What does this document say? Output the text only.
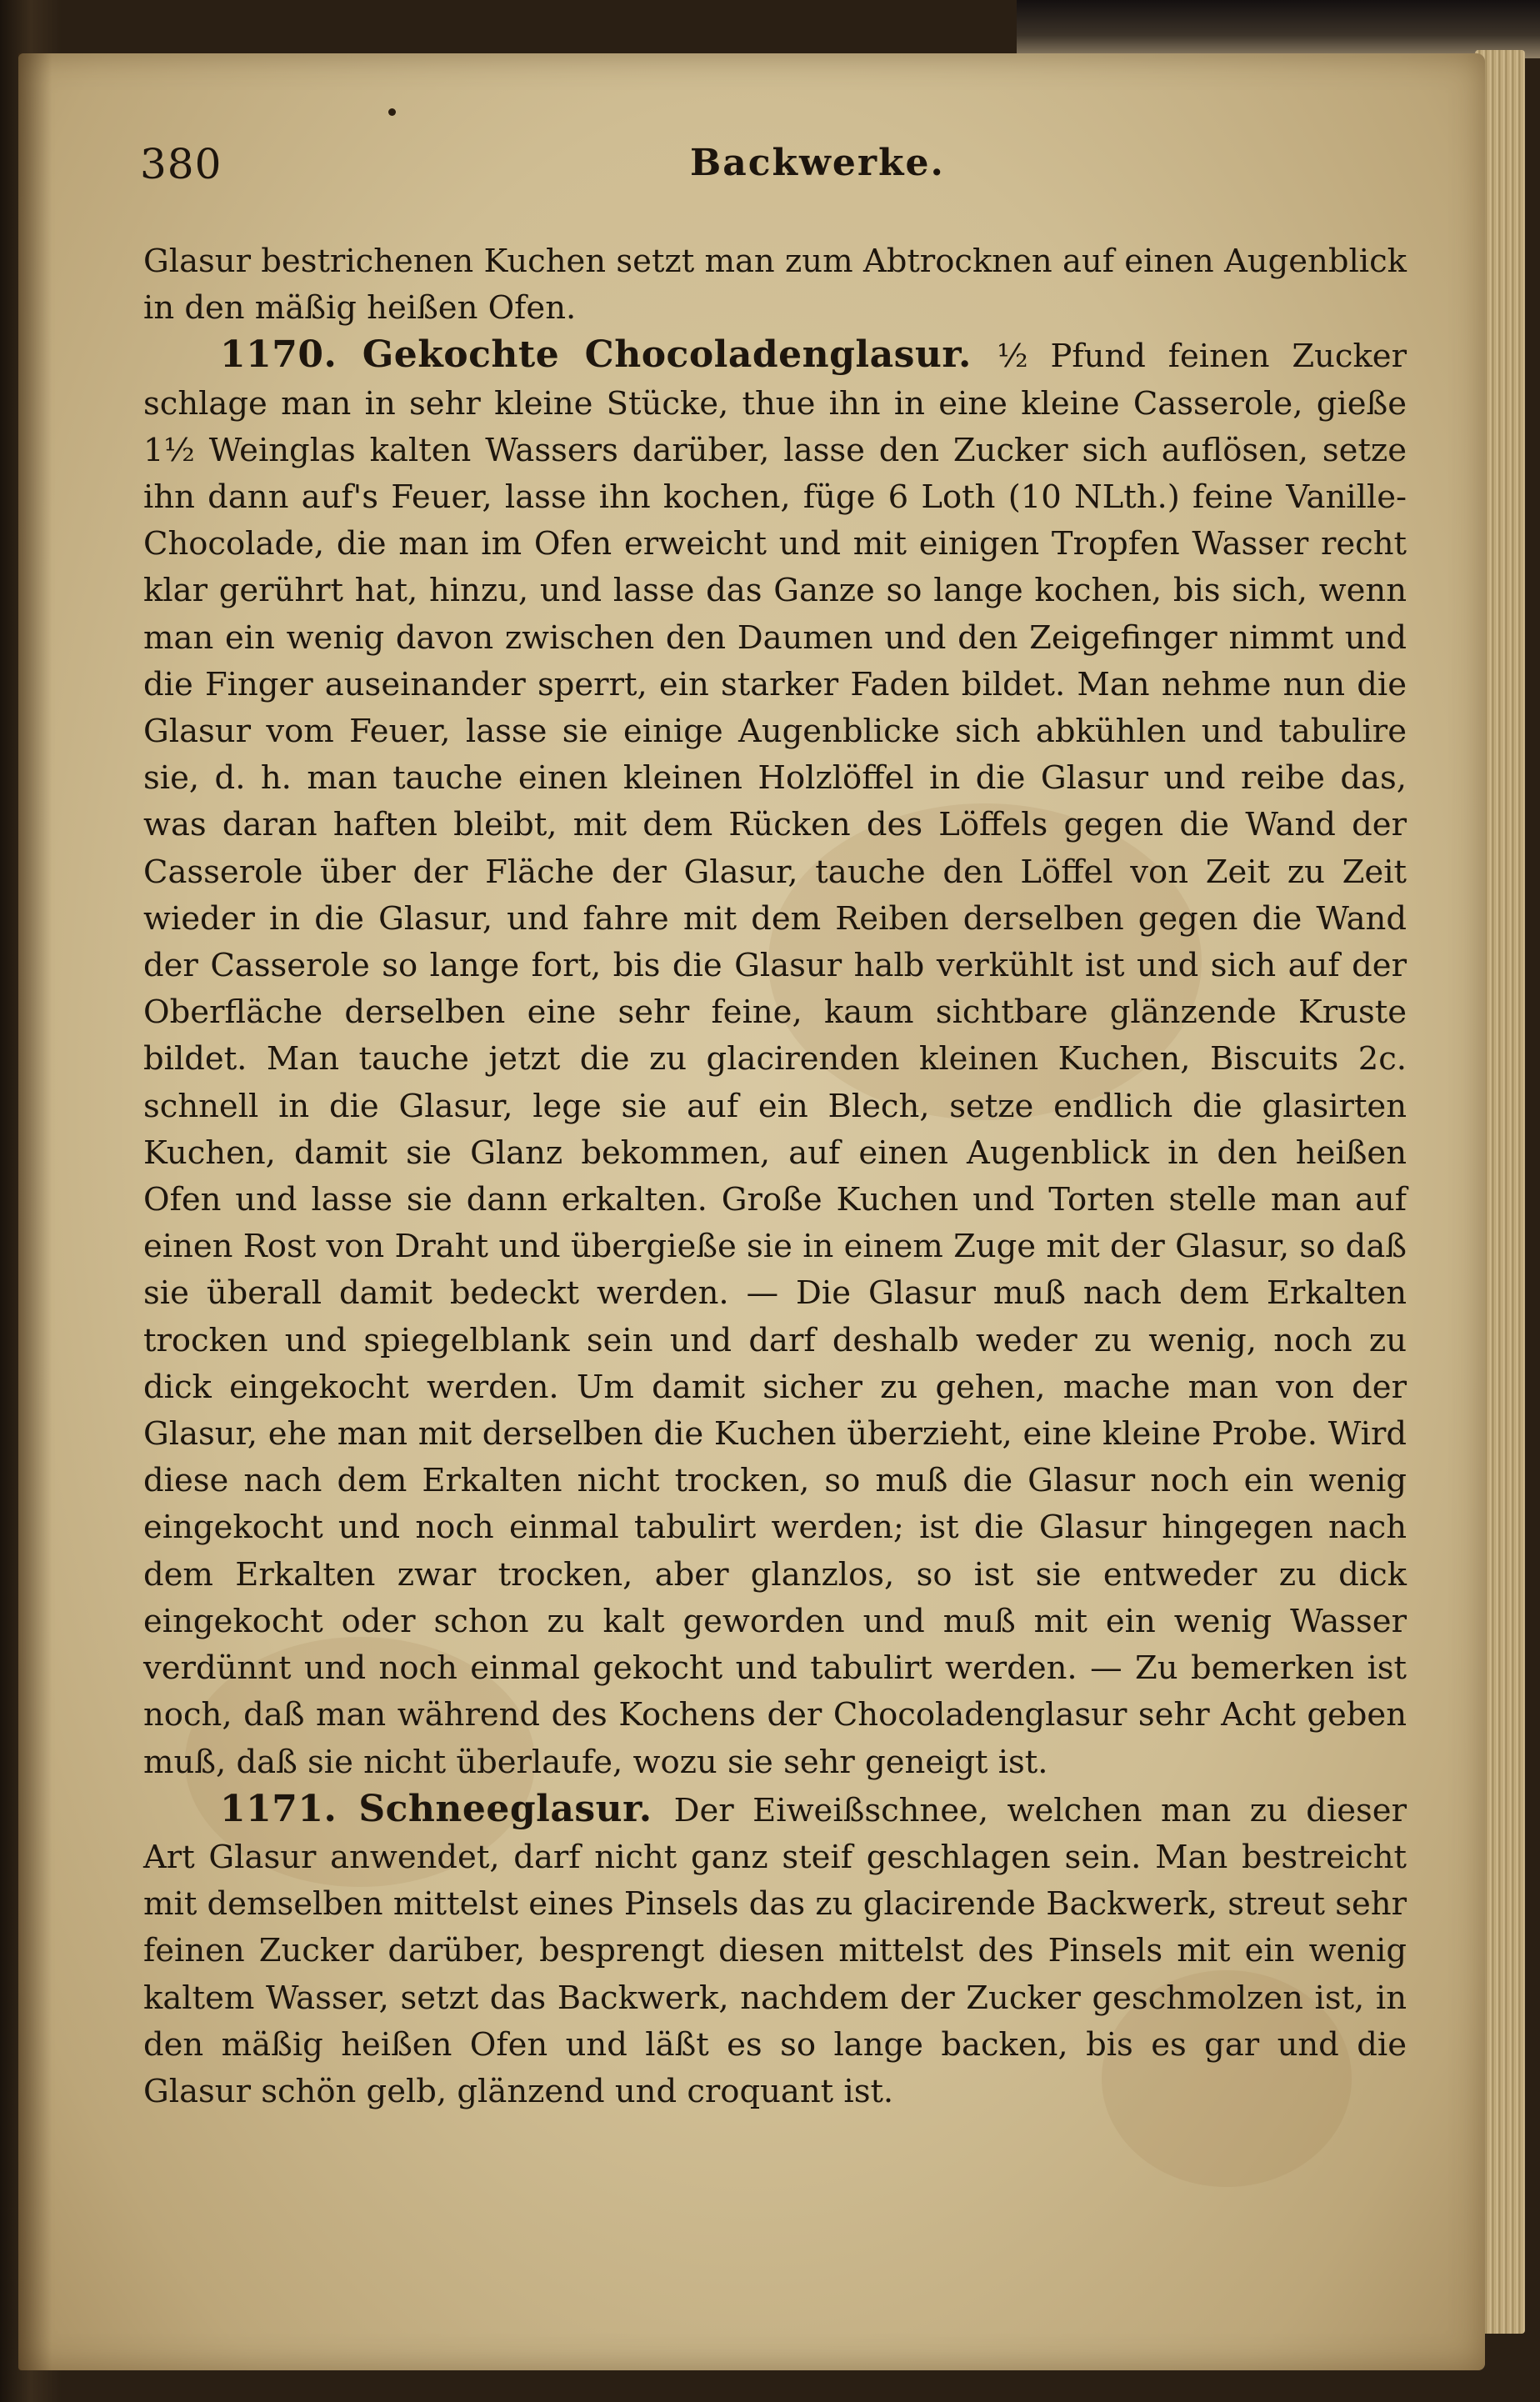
380	Backwerke.

Glasur bestrichenen Kuchen setzt man zum Abtrocknen auf einen Augenblick in den mäßig heißen Ofen.

1170. Gekochte Chocoladenglasur. ½ Pfund feinen Zucker schlage man in sehr kleine Stücke, thue ihn in eine kleine Casserole, gieße 1½ Weinglas kalten Wassers darüber, lasse den Zucker sich auflösen, setze ihn dann auf's Feuer, lasse ihn kochen, füge 6 Loth (10 NLth.) feine Vanille-Chocolade, die man im Ofen erweicht und mit einigen Tropfen Wasser recht klar gerührt hat, hinzu, und lasse das Ganze so lange kochen, bis sich, wenn man ein wenig davon zwischen den Daumen und den Zeigefinger nimmt und die Finger auseinander sperrt, ein starker Faden bildet. Man nehme nun die Glasur vom Feuer, lasse sie einige Augenblicke sich abkühlen und tabulire sie, d. h. man tauche einen kleinen Holzlöffel in die Glasur und reibe das, was daran haften bleibt, mit dem Rücken des Löffels gegen die Wand der Casserole über der Fläche der Glasur, tauche den Löffel von Zeit zu Zeit wieder in die Glasur, und fahre mit dem Reiben derselben gegen die Wand der Casserole so lange fort, bis die Glasur halb verkühlt ist und sich auf der Oberfläche derselben eine sehr feine, kaum sichtbare glänzende Kruste bildet. Man tauche jetzt die zu glacirenden kleinen Kuchen, Biscuits 2c. schnell in die Glasur, lege sie auf ein Blech, setze endlich die glasirten Kuchen, damit sie Glanz bekommen, auf einen Augenblick in den heißen Ofen und lasse sie dann erkalten. Große Kuchen und Torten stelle man auf einen Rost von Draht und übergieße sie in einem Zuge mit der Glasur, so daß sie überall damit bedeckt werden. — Die Glasur muß nach dem Erkalten trocken und spiegelblank sein und darf deshalb weder zu wenig, noch zu dick eingekocht werden. Um damit sicher zu gehen, mache man von der Glasur, ehe man mit derselben die Kuchen überzieht, eine kleine Probe. Wird diese nach dem Erkalten nicht trocken, so muß die Glasur noch ein wenig eingekocht und noch einmal tabulirt werden; ist die Glasur hingegen nach dem Erkalten zwar trocken, aber glanzlos, so ist sie entweder zu dick eingekocht oder schon zu kalt geworden und muß mit ein wenig Wasser verdünnt und noch einmal gekocht und tabulirt werden. — Zu bemerken ist noch, daß man während des Kochens der Chocoladenglasur sehr Acht geben muß, daß sie nicht überlaufe, wozu sie sehr geneigt ist.

1171. Schneeglasur. Der Eiweißschnee, welchen man zu dieser Art Glasur anwendet, darf nicht ganz steif geschlagen sein. Man bestreicht mit demselben mittelst eines Pinsels das zu glacirende Backwerk, streut sehr feinen Zucker darüber, besprengt diesen mittelst des Pinsels mit ein wenig kaltem Wasser, setzt das Backwerk, nachdem der Zucker geschmolzen ist, in den mäßig heißen Ofen und läßt es so lange backen, bis es gar und die Glasur schön gelb, glänzend und croquant ist.
